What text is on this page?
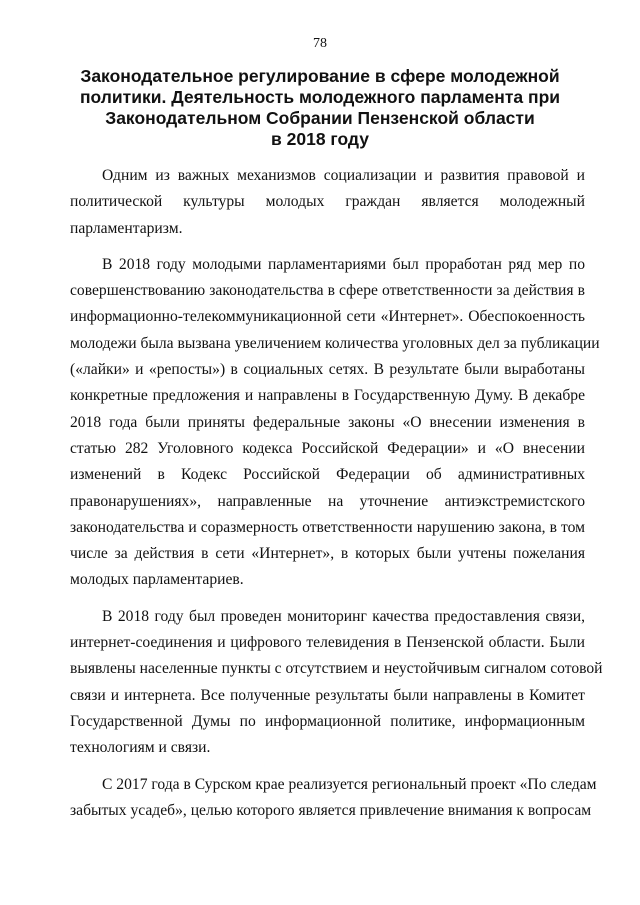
78
Законодательное регулирование в сфере молодежной
политики. Деятельность молодежного парламента при
Законодательном Собрании Пензенской области
в 2018 году
Одним из важных механизмов социализации и развития правовой и
политической культуры молодых граждан является молодежный
парламентаризм.
В 2018 году молодыми парламентариями был проработан ряд мер по
совершенствованию законодательства в сфере ответственности за действия в
информационно-телекоммуникационной сети «Интернет». Обеспокоенность
молодежи была вызвана увеличением количества уголовных дел за публикации
(«лайки» и «репосты») в социальных сетях. В результате были выработаны
конкретные предложения и направлены в Государственную Думу. В декабре
2018 года были приняты федеральные законы «О внесении изменения в
статью 282 Уголовного кодекса Российской Федерации» и «О внесении
изменений в Кодекс Российской Федерации об административных
правонарушениях», направленные на уточнение антиэкстремистского
законодательства и соразмерность ответственности нарушению закона, в том
числе за действия в сети «Интернет», в которых были учтены пожелания
молодых парламентариев.
В 2018 году был проведен мониторинг качества предоставления связи,
интернет-соединения и цифрового телевидения в Пензенской области. Были
выявлены населенные пункты с отсутствием и неустойчивым сигналом сотовой
связи и интернета. Все полученные результаты были направлены в Комитет
Государственной Думы по информационной политике, информационным
технологиям и связи.
С 2017 года в Сурском крае реализуется региональный проект «По следам
забытых усадеб», целью которого является привлечение внимания к вопросам
